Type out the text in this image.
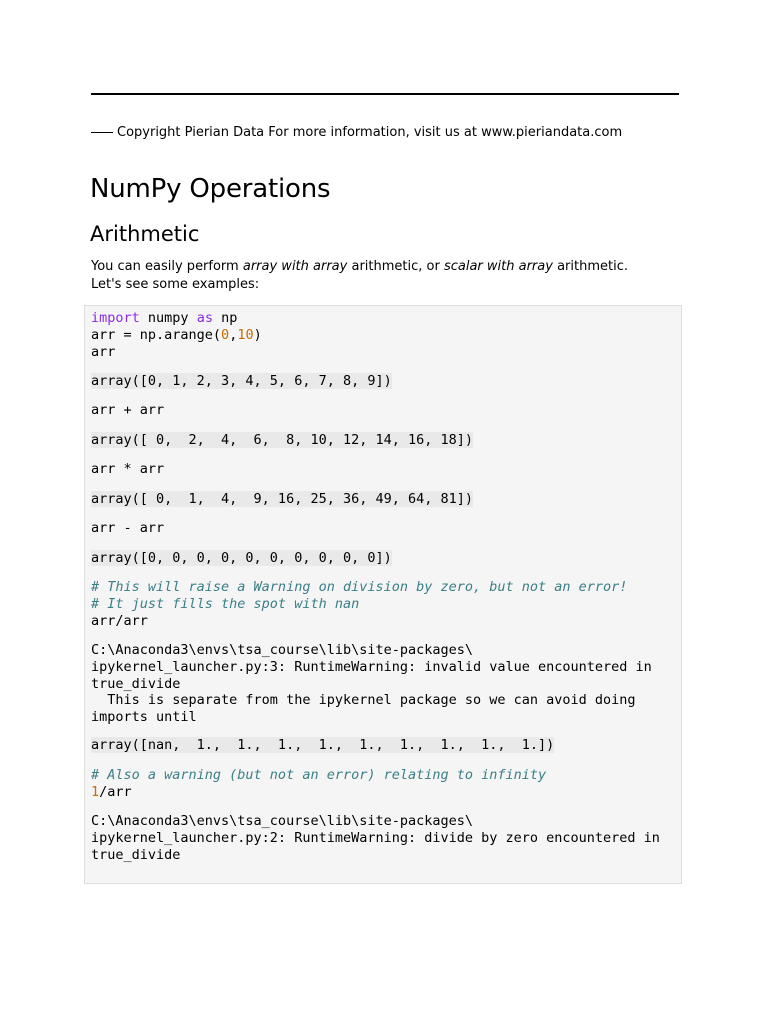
Copyright Pierian Data For more information, visit us at www.pieriandata.com
NumPy Operations
Arithmetic
You can easily perform array with array arithmetic, or scalar with array arithmetic. Let's see some examples:
import numpy as np
arr = np.arange(0,10)
arr
array([0, 1, 2, 3, 4, 5, 6, 7, 8, 9])
arr + arr
array([ 0,  2,  4,  6,  8, 10, 12, 14, 16, 18])
arr * arr
array([ 0,  1,  4,  9, 16, 25, 36, 49, 64, 81])
arr - arr
array([0, 0, 0, 0, 0, 0, 0, 0, 0, 0])
# This will raise a Warning on division by zero, but not an error!
# It just fills the spot with nan
arr/arr
C:\Anaconda3\envs\tsa_course\lib\site-packages\
ipykernel_launcher.py:3: RuntimeWarning: invalid value encountered in
true_divide
This is separate from the ipykernel package so we can avoid doing
imports until
array([nan,  1.,  1.,  1.,  1.,  1.,  1.,  1.,  1.,  1.])
# Also a warning (but not an error) relating to infinity
1/arr
C:\Anaconda3\envs\tsa_course\lib\site-packages\
ipykernel_launcher.py:2: RuntimeWarning: divide by zero encountered in
true_divide
